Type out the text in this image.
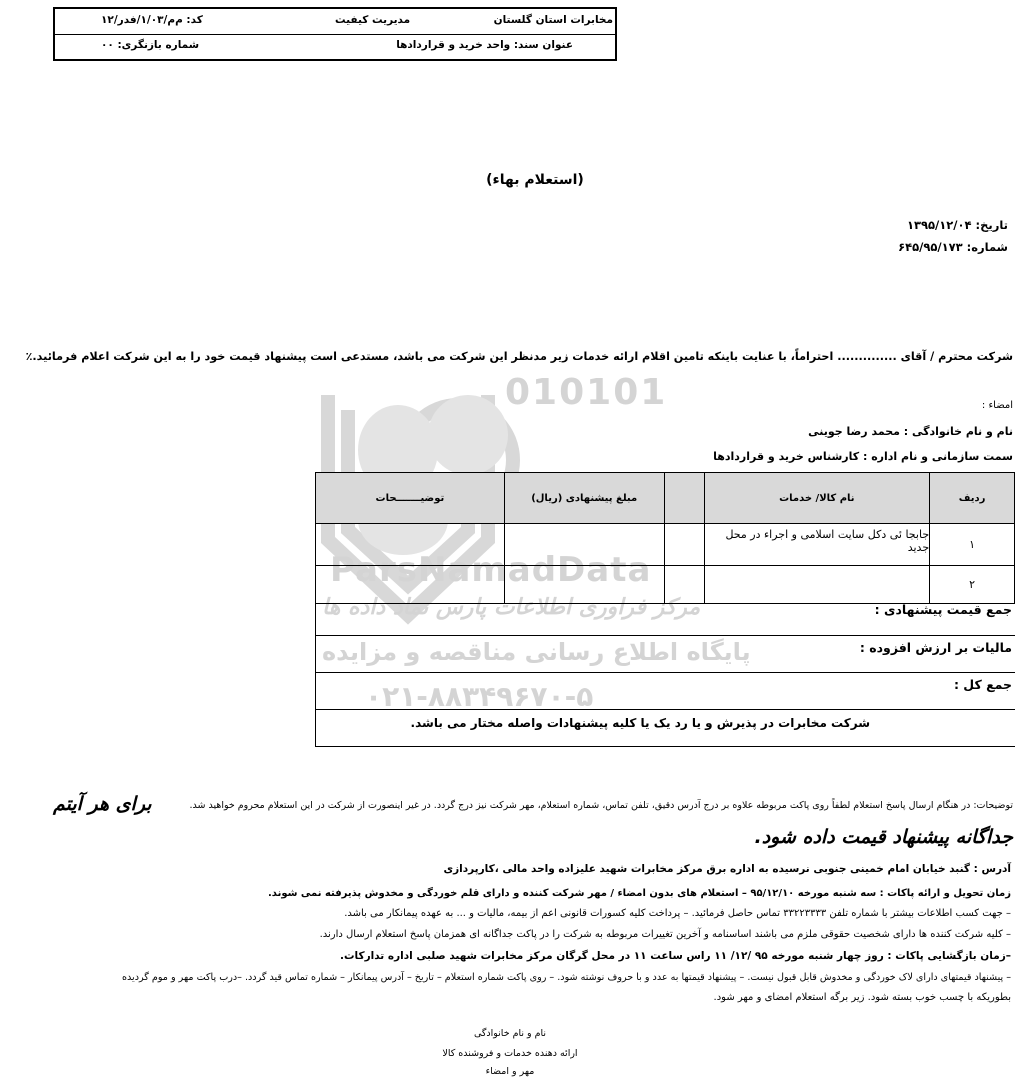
مخابرات استان گلستان
مدیریت کیفیت
کد: م‌م/۱/۰۳/فدر/۱۲
عنوان سند: واحد خرید و قراردادها
شماره بازنگری: ۰۰
010101
ParsNamadData
مرکز فراوری اطلاعات پارس نماد داده ها
پایگاه اطلاع رسانی مناقصه و مزایده
۰۲۱-۸۸۳۴۹۶۷۰-۵
(استعلام بهاء)
تاریخ: ۱۳۹۵/۱۲/۰۴
شماره: ۶۴۵/۹۵/۱۷۳
شرکت محترم / آقای .............. احتراماً، با عنایت باینکه تامین اقلام ارائه خدمات زیر مدنظر این شرکت می باشد، مستدعی است پیشنهاد قیمت خود را به این شرکت اعلام فرمائید.٪
امضاء :
نام و نام خانوادگی : محمد رضا جوینی
سمت سازمانی و نام اداره : کارشناس خرید و قراردادها
ردیف	نام کالا/ خدمات		مبلغ پیشنهادی (ریال)	توضیـــــــحات
۱	جابجا ئی دکل سایت اسلامی و اجراء در محل جدید			
۲				
جمع قیمت پیشنهادی :
مالیات بر ارزش افزوده :
جمع کل :
شرکت مخابرات در پذیرش و یا رد یک یا کلیه پیشنهادات واصله مختار می باشد.
توضیحات: در هنگام ارسال پاسخ استعلام لطفاً روی پاکت مربوطه علاوه بر درج آدرس دقیق، تلفن تماس، شماره استعلام، مهر شرکت نیز درج گردد. در غیر اینصورت از شرکت در این استعلام محروم خواهید شد.
برای هر آیتم
جداگانه پیشنهاد قیمت داده شود.
آدرس : گنبد خیابان امام خمینی جنوبی نرسیده به اداره برق مرکز مخابرات شهید علیزاده واحد مالی ،کارپردازی
زمان تحویل و ارائه پاکات : سه شنبه مورخه ۹۵/۱۲/۱۰ – استعلام های بدون امضاء / مهر شرکت کننده و دارای قلم خوردگی و مخدوش پذیرفته نمی شوند.
– جهت کسب اطلاعات بیشتر با شماره تلفن ۳۳۲۲۳۳۳۳ تماس حاصل فرمائید. – پرداخت کلیه کسورات قانونی اعم از بیمه، مالیات و ... به عهده پیمانکار می باشد.
– کلیه شرکت کننده ها دارای شخصیت حقوقی ملزم می باشند اساسنامه و آخرین تغییرات مربوطه به شرکت را در پاکت جداگانه ای همزمان پاسخ استعلام ارسال دارند.
–زمان بازگشایی پاکات : روز چهار شنبه مورخه ۹۵ /۱۲/ ۱۱ راس ساعت ۱۱ در محل گرگان مرکز مخابرات شهید صلبی اداره تدارکات.
– پیشنهاد قیمتهای دارای لاک خوردگی و مخدوش قابل قبول نیست. – پیشنهاد قیمتها به عدد و با حروف نوشته شود. – روی پاکت شماره استعلام – تاریخ – آدرس پیمانکار – شماره تماس قید گردد. –درب پاکت مهر و موم گردیده
بطوریکه با چسب خوب بسته شود. زیر برگه استعلام امضای و مهر شود.
نام و نام خانوادگی
ارائه دهنده خدمات و فروشنده کالا
مهر و امضاء
